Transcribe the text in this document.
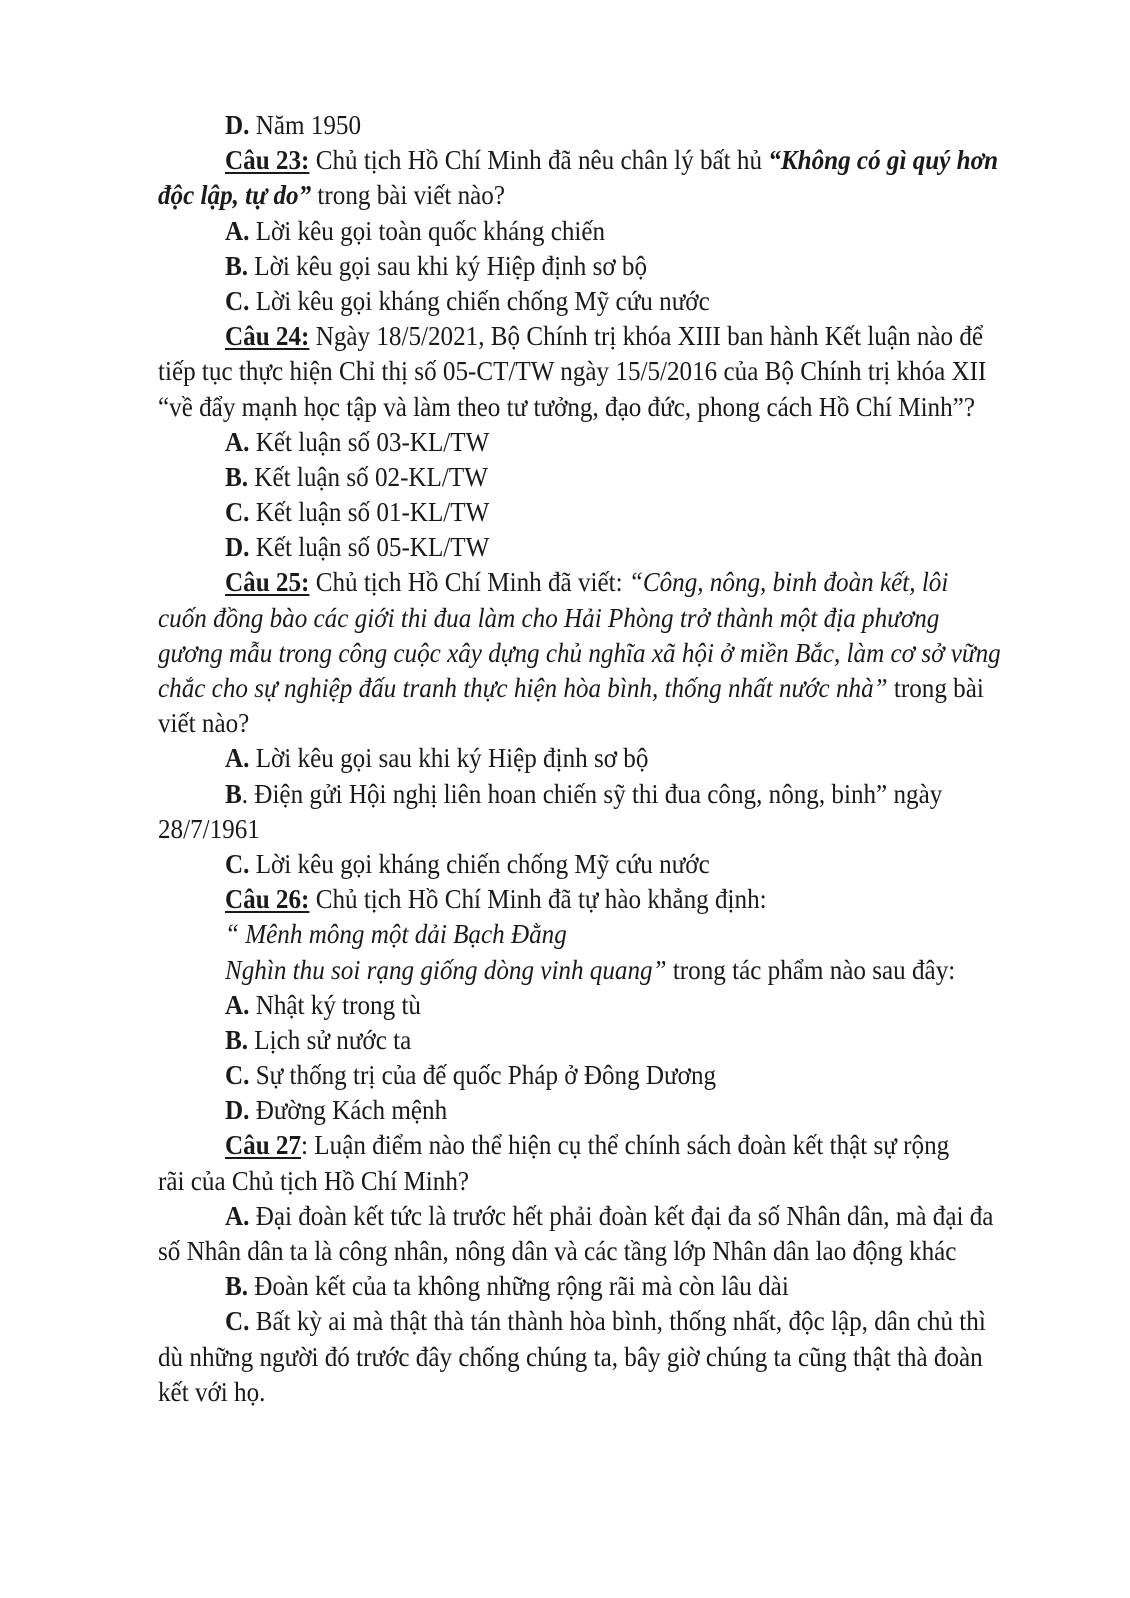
D. Năm 1950
Câu 23: Chủ tịch Hồ Chí Minh đã nêu chân lý bất hủ “Không có gì quý hơn
độc lập, tự do” trong bài viết nào?
A. Lời kêu gọi toàn quốc kháng chiến
B. Lời kêu gọi sau khi ký Hiệp định sơ bộ
C. Lời kêu gọi kháng chiến chống Mỹ cứu nước
Câu 24: Ngày 18/5/2021, Bộ Chính trị khóa XIII ban hành Kết luận nào để
tiếp tục thực hiện Chỉ thị số 05-CT/TW ngày 15/5/2016 của Bộ Chính trị khóa XII
“về đẩy mạnh học tập và làm theo tư tưởng, đạo đức, phong cách Hồ Chí Minh”?
A. Kết luận số 03-KL/TW
B. Kết luận số 02-KL/TW
C. Kết luận số 01-KL/TW
D. Kết luận số 05-KL/TW
Câu 25: Chủ tịch Hồ Chí Minh đã viết: “Công, nông, binh đoàn kết, lôi
cuốn đồng bào các giới thi đua làm cho Hải Phòng trở thành một địa phương
gương mẫu trong công cuộc xây dựng chủ nghĩa xã hội ở miền Bắc, làm cơ sở vững
chắc cho sự nghiệp đấu tranh thực hiện hòa bình, thống nhất nước nhà” trong bài
viết nào?
A. Lời kêu gọi sau khi ký Hiệp định sơ bộ
B. Điện gửi Hội nghị liên hoan chiến sỹ thi đua công, nông, binh” ngày
28/7/1961
C. Lời kêu gọi kháng chiến chống Mỹ cứu nước
Câu 26: Chủ tịch Hồ Chí Minh đã tự hào khẳng định:
“ Mênh mông một dải Bạch Đằng
Nghìn thu soi rạng giống dòng vinh quang” trong tác phẩm nào sau đây:
A. Nhật ký trong tù
B. Lịch sử nước ta
C. Sự thống trị của đế quốc Pháp ở Đông Dương
D. Đường Kách mệnh
Câu 27: Luận điểm nào thể hiện cụ thể chính sách đoàn kết thật sự rộng
rãi của Chủ tịch Hồ Chí Minh?
A. Đại đoàn kết tức là trước hết phải đoàn kết đại đa số Nhân dân, mà đại đa
số Nhân dân ta là công nhân, nông dân và các tầng lớp Nhân dân lao động khác
B. Đoàn kết của ta không những rộng rãi mà còn lâu dài
C. Bất kỳ ai mà thật thà tán thành hòa bình, thống nhất, độc lập, dân chủ thì
dù những người đó trước đây chống chúng ta, bây giờ chúng ta cũng thật thà đoàn
kết với họ.
